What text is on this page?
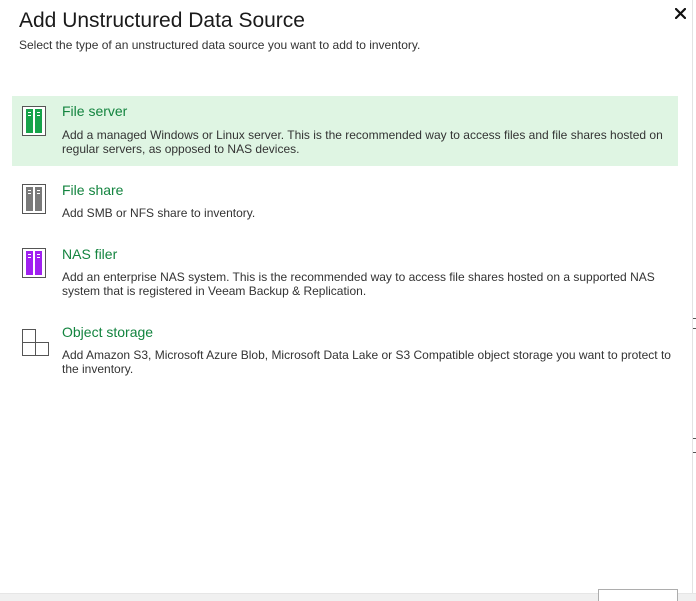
Add Unstructured Data Source
Select the type of an unstructured data source you want to add to inventory.
File server
Add a managed Windows or Linux server. This is the recommended way to access files and file shares hosted on regular servers, as opposed to NAS devices.
File share
Add SMB or NFS share to inventory.
NAS filer
Add an enterprise NAS system. This is the recommended way to access file shares hosted on a supported NAS system that is registered in Veeam Backup & Replication.
Object storage
Add Amazon S3, Microsoft Azure Blob, Microsoft Data Lake or S3 Compatible object storage you want to protect to the inventory.
